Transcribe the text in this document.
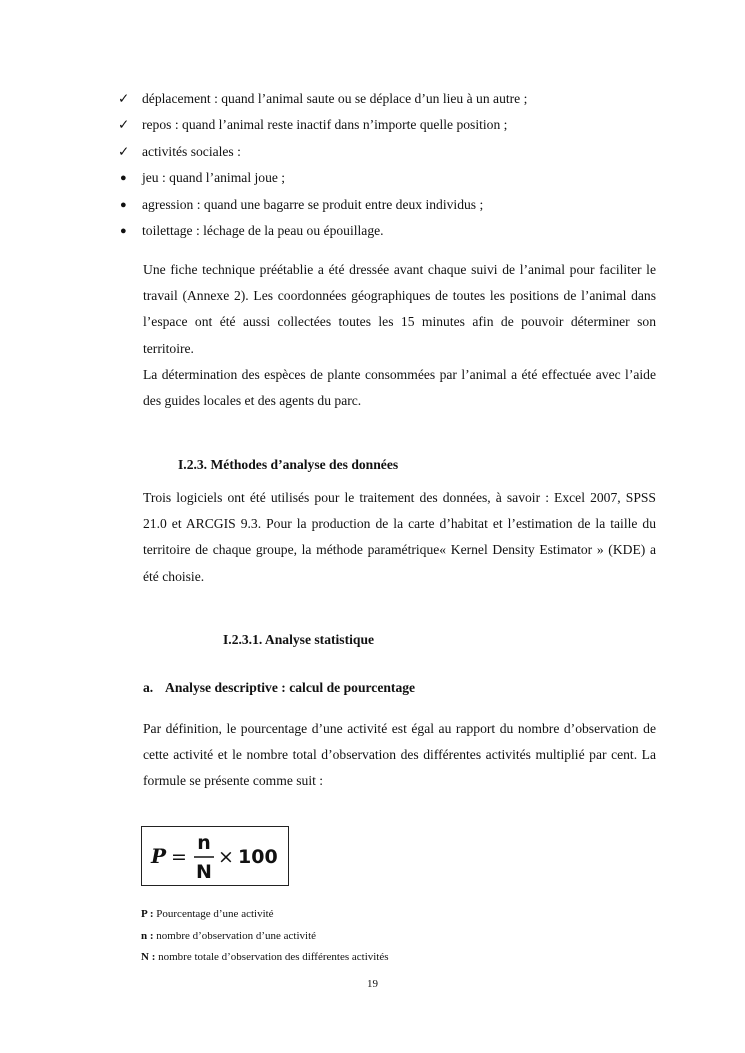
✓ déplacement : quand l’animal saute ou se déplace d’un lieu à un autre ;
✓ repos : quand l’animal reste inactif dans n’importe quelle position ;
✓ activités sociales :
●	jeu : quand l’animal joue ;
●	agression : quand une bagarre se produit entre deux individus ;
●	toilettage : léchage de la peau ou épouillage.

Une fiche technique préétablie a été dressée avant chaque suivi de l’animal pour faciliter le travail (Annexe 2). Les coordonnées géographiques de toutes les positions de l’animal dans l’espace ont été aussi collectées toutes les 15 minutes afin de pouvoir déterminer son territoire.

La détermination des espèces de plante consommées par l’animal a été effectuée avec l’aide des guides locales et des agents du parc.

I.2.3. Méthodes d’analyse des données

Trois logiciels ont été utilisés pour le traitement des données, à savoir : Excel 2007, SPSS 21.0 et ARCGIS 9.3. Pour la production de la carte d’habitat et l’estimation de la taille du territoire de chaque groupe, la méthode paramétrique« Kernel Density Estimator » (KDE) a été choisie.

I.2.3.1. Analyse statistique
a. Analyse descriptive : calcul de pourcentage

Par définition, le pourcentage d’une activité est égal au rapport du nombre d’observation de cette activité et le nombre total d’observation des différentes activités multiplié par cent. La formule se présente comme suit :

P =
n
N
× 100
P : Pourcentage d’une activité
n : nombre d’observation d’une activité
N : nombre totale d’observation des différentes activités
19
